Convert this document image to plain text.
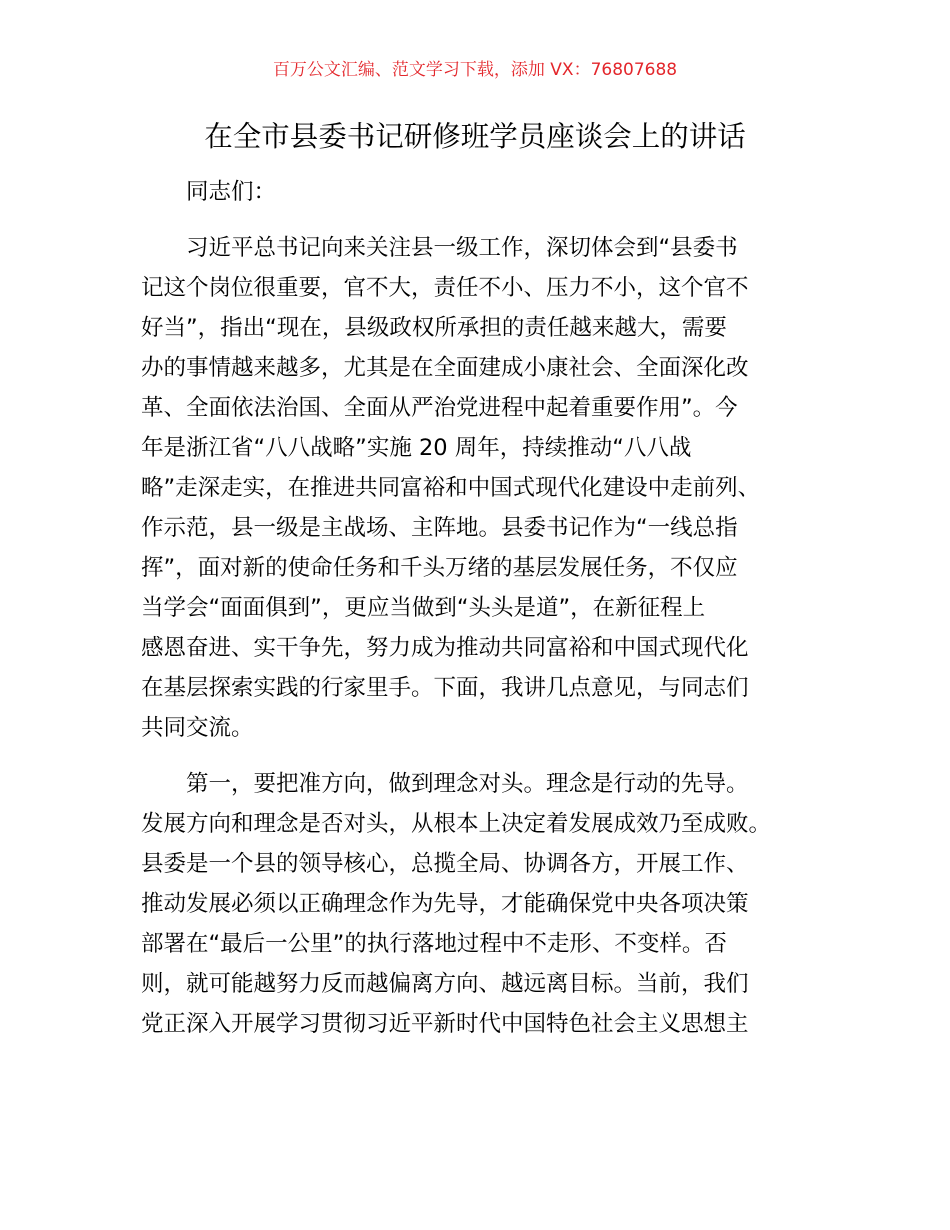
百万公文汇编、范文学习下载，添加 VX：76807688
在全市县委书记研修班学员座谈会上的讲话

同志们：

习近平总书记向来关注县一级工作，深切体会到“县委书
记这个岗位很重要，官不大，责任不小、压力不小，这个官不
好当”，指出“现在，县级政权所承担的责任越来越大，需要
办的事情越来越多，尤其是在全面建成小康社会、全面深化改
革、全面依法治国、全面从严治党进程中起着重要作用”。今
年是浙江省“八八战略”实施 20 周年，持续推动“八八战
略”走深走实，在推进共同富裕和中国式现代化建设中走前列、
作示范，县一级是主战场、主阵地。县委书记作为“一线总指
挥”，面对新的使命任务和千头万绪的基层发展任务，不仅应
当学会“面面俱到”，更应当做到“头头是道”，在新征程上
感恩奋进、实干争先，努力成为推动共同富裕和中国式现代化
在基层探索实践的行家里手。下面，我讲几点意见，与同志们
共同交流。
第一，要把准方向，做到理念对头。理念是行动的先导。
发展方向和理念是否对头，从根本上决定着发展成效乃至成败。
县委是一个县的领导核心，总揽全局、协调各方，开展工作、
推动发展必须以正确理念作为先导，才能确保党中央各项决策
部署在“最后一公里”的执行落地过程中不走形、不变样。否
则，就可能越努力反而越偏离方向、越远离目标。当前，我们
党正深入开展学习贯彻习近平新时代中国特色社会主义思想主
